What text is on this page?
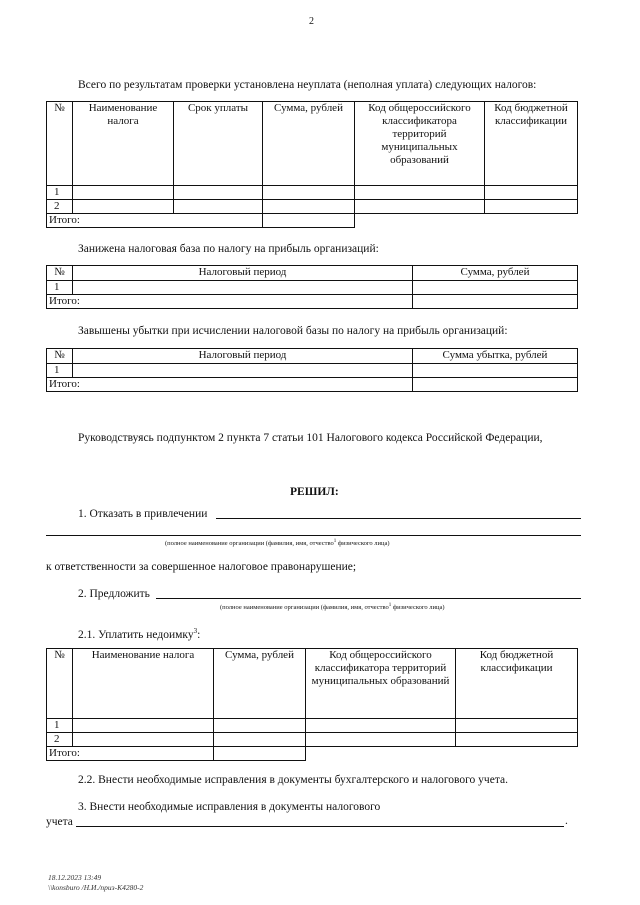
2
Всего по результатам проверки установлена неуплата (неполная уплата) следующих налогов:
№	Наименование налога	Срок уплаты	Сумма, рублей	Код общероссийского классификатора территорий муниципальных образований	Код бюджетной классификации
1					
2					
Итого:					
Занижена налоговая база по налогу на прибыль организаций:
№	Налоговый период	Сумма, рублей
1		
Итого:		
Завышены убытки при исчислении налоговой базы по налогу на прибыль организаций:
№	Налоговый период	Сумма убытка, рублей
1		
Итого:		
Руководствуясь подпунктом 2 пункта 7 статьи 101 Налогового кодекса Российской Федерации,
РЕШИЛ:
1. Отказать в привлечении
(полное наименование организации (фамилия, имя, отчество$^1$ физического лица)
к ответственности за совершенное налоговое правонарушение;
2. Предложить
(полное наименование организации (фамилия, имя, отчество$^1$ физического лица)
2.1. Уплатить недоимку$^3$:
№	Наименование налога	Сумма, рублей	Код общероссийского классификатора территорий муниципальных образований	Код бюджетной классификации
1				
2				
Итого:				
2.2. Внести необходимые исправления в документы бухгалтерского и налогового учета.
3. Внести необходимые исправления в документы налогового
учета	.
18.12.2023 13:49
\\konsburo /Н.И./приз-К4280-2
